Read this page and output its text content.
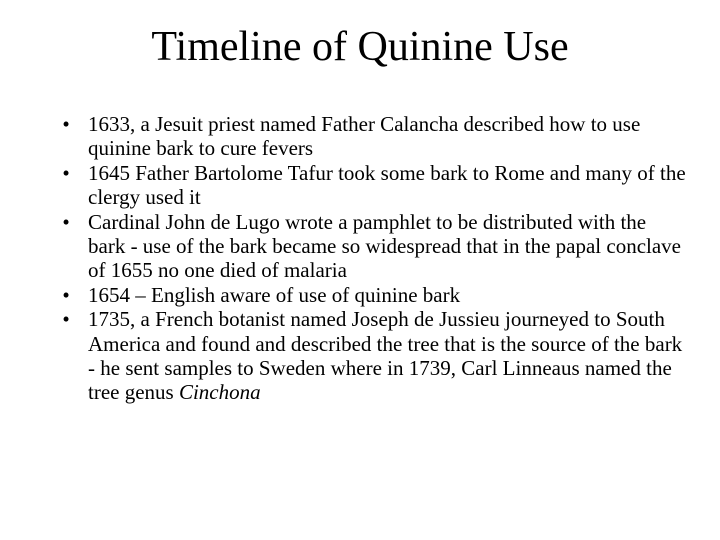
Timeline of Quinine Use
• 1633, a Jesuit priest named Father Calancha described how to use quinine bark to cure fevers
• 1645 Father Bartolome Tafur took some bark to Rome and many of the clergy used it
• Cardinal John de Lugo wrote a pamphlet to be distributed with the bark - use of the bark became so widespread that in the papal conclave of 1655 no one died of malaria
• 1654 – English aware of use of quinine bark
• 1735, a French botanist named Joseph de Jussieu journeyed to South America and found and described the tree that is the source of the bark - he sent samples to Sweden where in 1739, Carl Linneaus named the tree genus Cinchona
